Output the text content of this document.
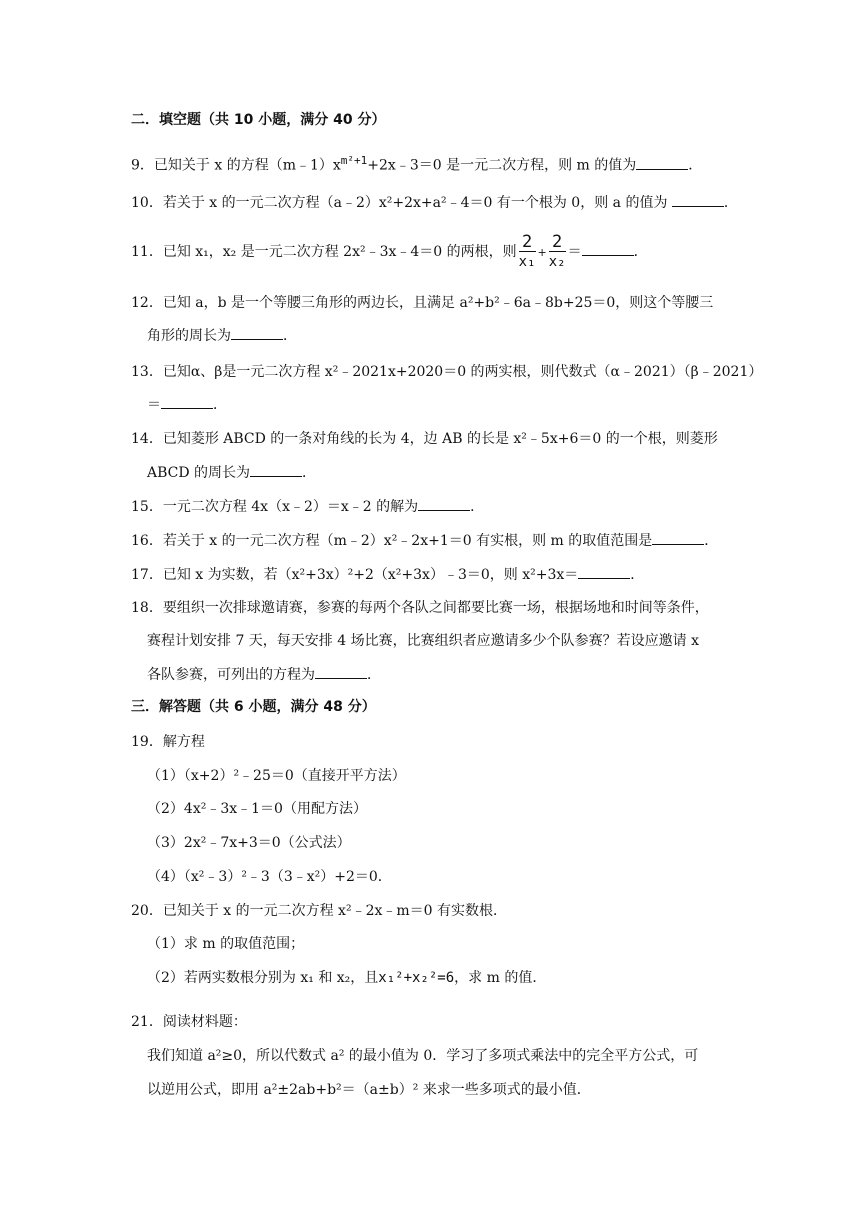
二．填空题（共 10 小题，满分 40 分）
9．已知关于 x 的方程$(m﹣1)x^{m^2+1}+2x﹣3=0$ 是一元二次方程，则 m 的值为	．
10．若关于 x 的一元二次方程（a﹣2）x²+2x+a²﹣4＝0 有一个根为 0，则 a 的值为	．
11．已知 x₁，x₂ 是一元二次方程 2x²﹣3x﹣4＝0 的两根，则 $\frac{2}{\text{x₁}} + \frac{2}{\text{x₂}}$ ＝	．
12．已知 a，b 是一个等腰三角形的两边长，且满足 a²+b²﹣6a﹣8b+25＝0，则这个等腰三
角形的周长为	．
13．已知α、β是一元二次方程 x²﹣2021x+2020＝0 的两实根，则代数式（α﹣2021）（β﹣2021）
＝	．
14．已知菱形 ABCD 的一条对角线的长为 4，边 AB 的长是 x²﹣5x+6＝0 的一个根，则菱形
ABCD 的周长为	．
15．一元二次方程 4x（x﹣2）＝x﹣2 的解为	．
16．若关于 x 的一元二次方程（m﹣2）x²﹣2x+1＝0 有实根，则 m 的取值范围是	．
17．已知 x 为实数，若（x²+3x）²+2（x²+3x）﹣3＝0，则 x²+3x＝	．
18．要组织一次排球邀请赛，参赛的每两个各队之间都要比赛一场，根据场地和时间等条件，
赛程计划安排 7 天，每天安排 4 场比赛，比赛组织者应邀请多少个队参赛？若设应邀请 x
各队参赛，可列出的方程为	．
三．解答题（共 6 小题，满分 48 分）
19．解方程
（1）（x+2）²﹣25＝0（直接开平方法）
（2）4x²﹣3x﹣1＝0（用配方法）
（3）2x²﹣7x+3＝0（公式法）
（4）（x²﹣3）²﹣3（3﹣x²）+2＝0．
20．已知关于 x 的一元二次方程 x²﹣2x﹣m＝0 有实数根．
（1）求 m 的取值范围；
（2）若两实数根分别为 x₁ 和 x₂，且x₁²+x₂²=6，求 m 的值．
21．阅读材料题：
我们知道 a²≥0，所以代数式 a² 的最小值为 0．学习了多项式乘法中的完全平方公式，可
以逆用公式，即用 a²±2ab+b²＝（a±b）² 来求一些多项式的最小值．
